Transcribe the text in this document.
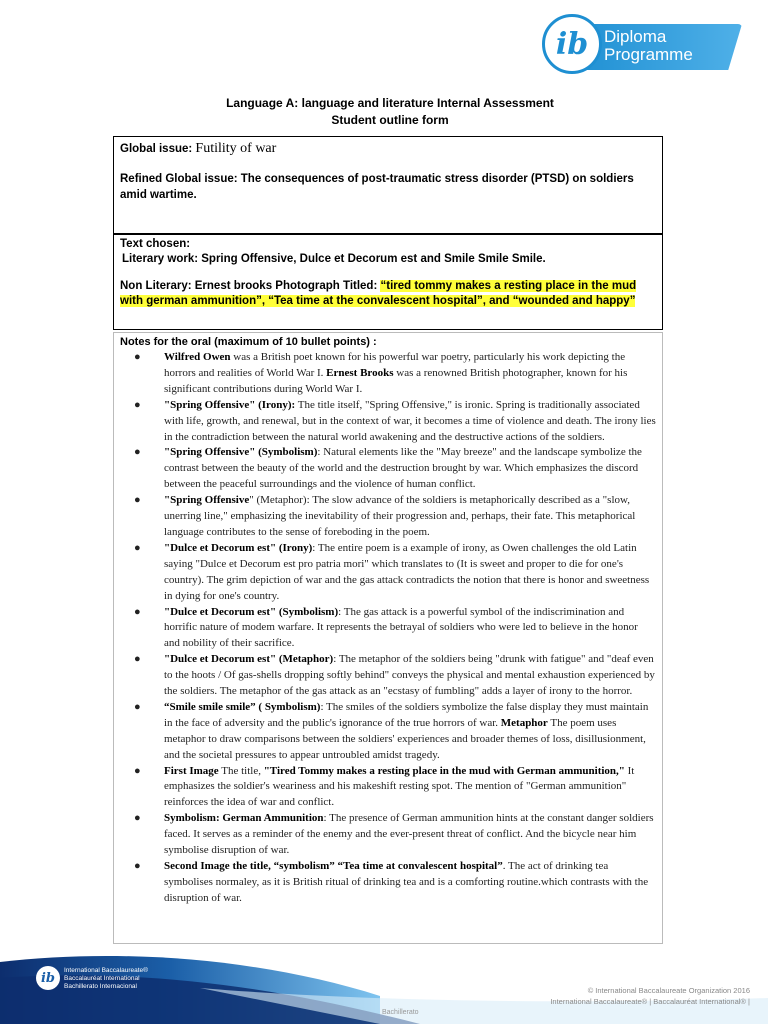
ib Diploma
Programme
Language A: language and literature Internal Assessment
Student outline form
Global issue: Futility of war
Refined Global issue: The consequences of post-traumatic stress disorder (PTSD) on soldiers amid wartime.
Text chosen:
Literary work: Spring Offensive, Dulce et Decorum est and Smile Smile Smile.
Non Literary: Ernest brooks Photograph Titled: “tired tommy makes a resting place in the mud with german ammunition”, “Tea time at the convalescent hospital”, and “wounded and happy”
Notes for the oral (maximum of 10 bullet points) :
● Wilfred Owen was a British poet known for his powerful war poetry, particularly his work depicting the horrors and realities of World War I. Ernest Brooks was a renowned British photographer, known for his significant contributions during World War I.
● "Spring Offensive" (Irony): The title itself, "Spring Offensive," is ironic. Spring is traditionally associated with life, growth, and renewal, but in the context of war, it becomes a time of violence and death. The irony lies in the contradiction between the natural world awakening and the destructive actions of the soldiers.
● "Spring Offensive" (Symbolism): Natural elements like the "May breeze" and the landscape symbolize the contrast between the beauty of the world and the destruction brought by war. Which emphasizes the discord between the peaceful surroundings and the violence of human conflict.
● "Spring Offensive" (Metaphor): The slow advance of the soldiers is metaphorically described as a "slow, unerring line," emphasizing the inevitability of their progression and, perhaps, their fate. This metaphorical language contributes to the sense of foreboding in the poem.
● "Dulce et Decorum est" (Irony): The entire poem is a example of irony, as Owen challenges the old Latin saying "Dulce et Decorum est pro patria mori" which translates to (It is sweet and proper to die for one's country). The grim depiction of war and the gas attack contradicts the notion that there is honor and sweetness in dying for one's country.
● "Dulce et Decorum est" (Symbolism): The gas attack is a powerful symbol of the indiscrimination and horrific nature of modem warfare. It represents the betrayal of soldiers who were led to believe in the honor and nobility of their sacrifice.
● "Dulce et Decorum est" (Metaphor): The metaphor of the soldiers being "drunk with fatigue" and "deaf even to the hoots / Of gas-shells dropping softly behind" conveys the physical and mental exhaustion experienced by the soldiers. The metaphor of the gas attack as an "ecstasy of fumbling" adds a layer of irony to the horror.
● “Smile smile smile” ( Symbolism): The smiles of the soldiers symbolize the false display they must maintain in the face of adversity and the public's ignorance of the true horrors of war. Metaphor The poem uses metaphor to draw comparisons between the soldiers' experiences and broader themes of loss, disillusionment, and the societal pressures to appear untroubled amidst tragedy.
● First Image The title, "Tired Tommy makes a resting place in the mud with German ammunition," It emphasizes the soldier's weariness and his makeshift resting spot. The mention of "German ammunition" reinforces the idea of war and conflict.
● Symbolism: German Ammunition: The presence of German ammunition hints at the constant danger soldiers faced. It serves as a reminder of the enemy and the ever-present threat of conflict. And the bicycle near him symbolise disruption of war.
● Second Image the title, “symbolism” “Tea time at convalescent hospital”. The act of drinking tea symbolises normaley, as it is British ritual of drinking tea and is a comforting routine.which contrasts with the disruption of war.
ib	International Baccalaureate®
Baccalauréat International
Bachillerato Internacional	© International Baccalaureate Organization 2016
International Baccalaureate® | Baccalauréat International® |
Bachillerato
